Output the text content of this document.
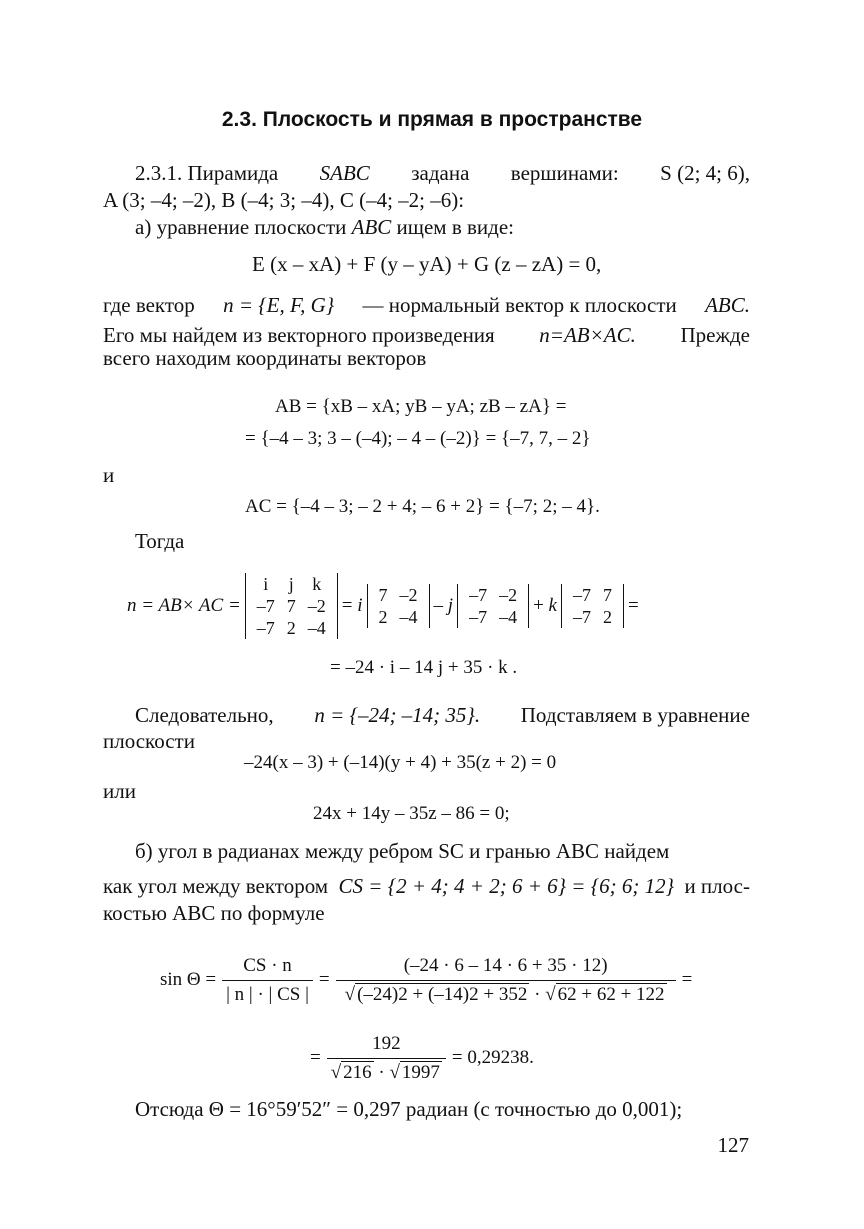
2.3. Плоскость и прямая в пространстве
2.3.1. Пирамида SABC задана вершинами: S (2; 4; 6),
A (3; –4; –2), B (–4; 3; –4), C (–4; –2; –6):
а) уравнение плоскости ABC ищем в виде:
E (x – xA) + F (y – yA) + G (z – zA) = 0,
где вектор n = {E, F, G} — нормальный вектор к плоскости ABC.
Его мы найдем из векторного произведения n=AB×AC. Прежде
всего находим координаты векторов
AB = {xB – xA; yB – yA; zB – zA} =
= {–4 – 3; 3 – (–4); – 4 – (–2)} = {–7, 7, – 2}
и
AC = {–4 – 3; – 2 + 4; – 6 + 2} = {–7; 2; – 4}.
Тогда
n = AB× AC =
i	j	k
–7	7	–2
–7	2	–4
= i 7	–2
2	–4
– j –7	–2
–7	–4
+ k –7	7
–7	2
=
= –24 · i – 14 j + 35 · k .
Следовательно, n = {–24; –14; 35}. Подставляем в уравнение
плоскости
–24(x – 3) + (–14)(y + 4) + 35(z + 2) = 0
или
24x + 14y – 35z – 86 = 0;
б) угол в радианах между ребром SC и гранью ABC найдем
как угол между вектором CS = {2 + 4; 4 + 2; 6 + 6} = {6; 6; 12} и плос-
костью ABC по формуле
$\sin \Theta = \frac{CS \cdot n}{| n | \cdot | CS |} = \frac{(-24 \cdot 6 - 14 \cdot 6 + 35 \cdot 12)}{√ (-24)2 + (-14)2 + 352 \cdot √ 62 + 62 + 122}$ =
= $\frac{192}{√ 216 \cdot √ 1997} = 0,29238$.
Отсюда Θ = 16°59′52″ = 0,297 радиан (с точностью до 0,001);
127
